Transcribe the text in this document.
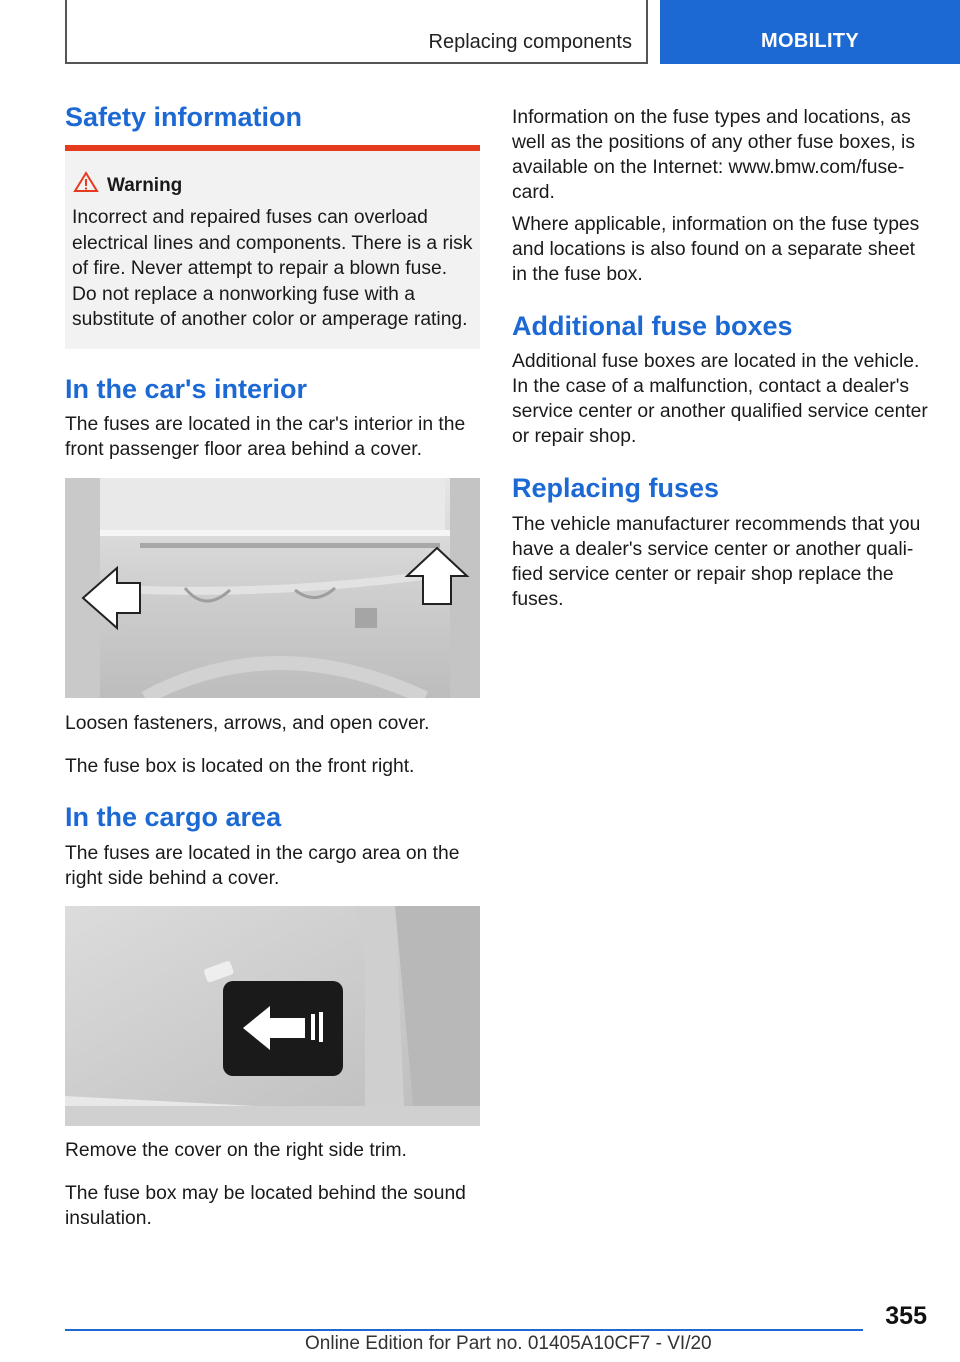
Replacing components	MOBILITY
Safety information
Warning
Incorrect and repaired fuses can overload electrical lines and components. There is a risk of fire. Never attempt to repair a blown fuse. Do not replace a nonworking fuse with a substitute of another color or amperage rating.
In the car's interior

The fuses are located in the car's interior in the front passenger floor area behind a cover.

Loosen fasteners, arrows, and open cover.

The fuse box is located on the front right.

In the cargo area

The fuses are located in the cargo area on the right side behind a cover.

Remove the cover on the right side trim.

The fuse box may be located behind the sound insulation.

Information on the fuse types and locations, as well as the positions of any other fuse boxes, is available on the Internet: www.bmw.com/fusecard.

Where applicable, information on the fuse types and locations is also found on a separate sheet in the fuse box.

Additional fuse boxes

Additional fuse boxes are located in the vehicle. In the case of a malfunction, contact a dealer's service center or another qualified service center or repair shop.

Replacing fuses

The vehicle manufacturer recommends that you have a dealer's service center or another qualified service center or repair shop replace the fuses.

355
Online Edition for Part no. 01405A10CF7 - VI/20
